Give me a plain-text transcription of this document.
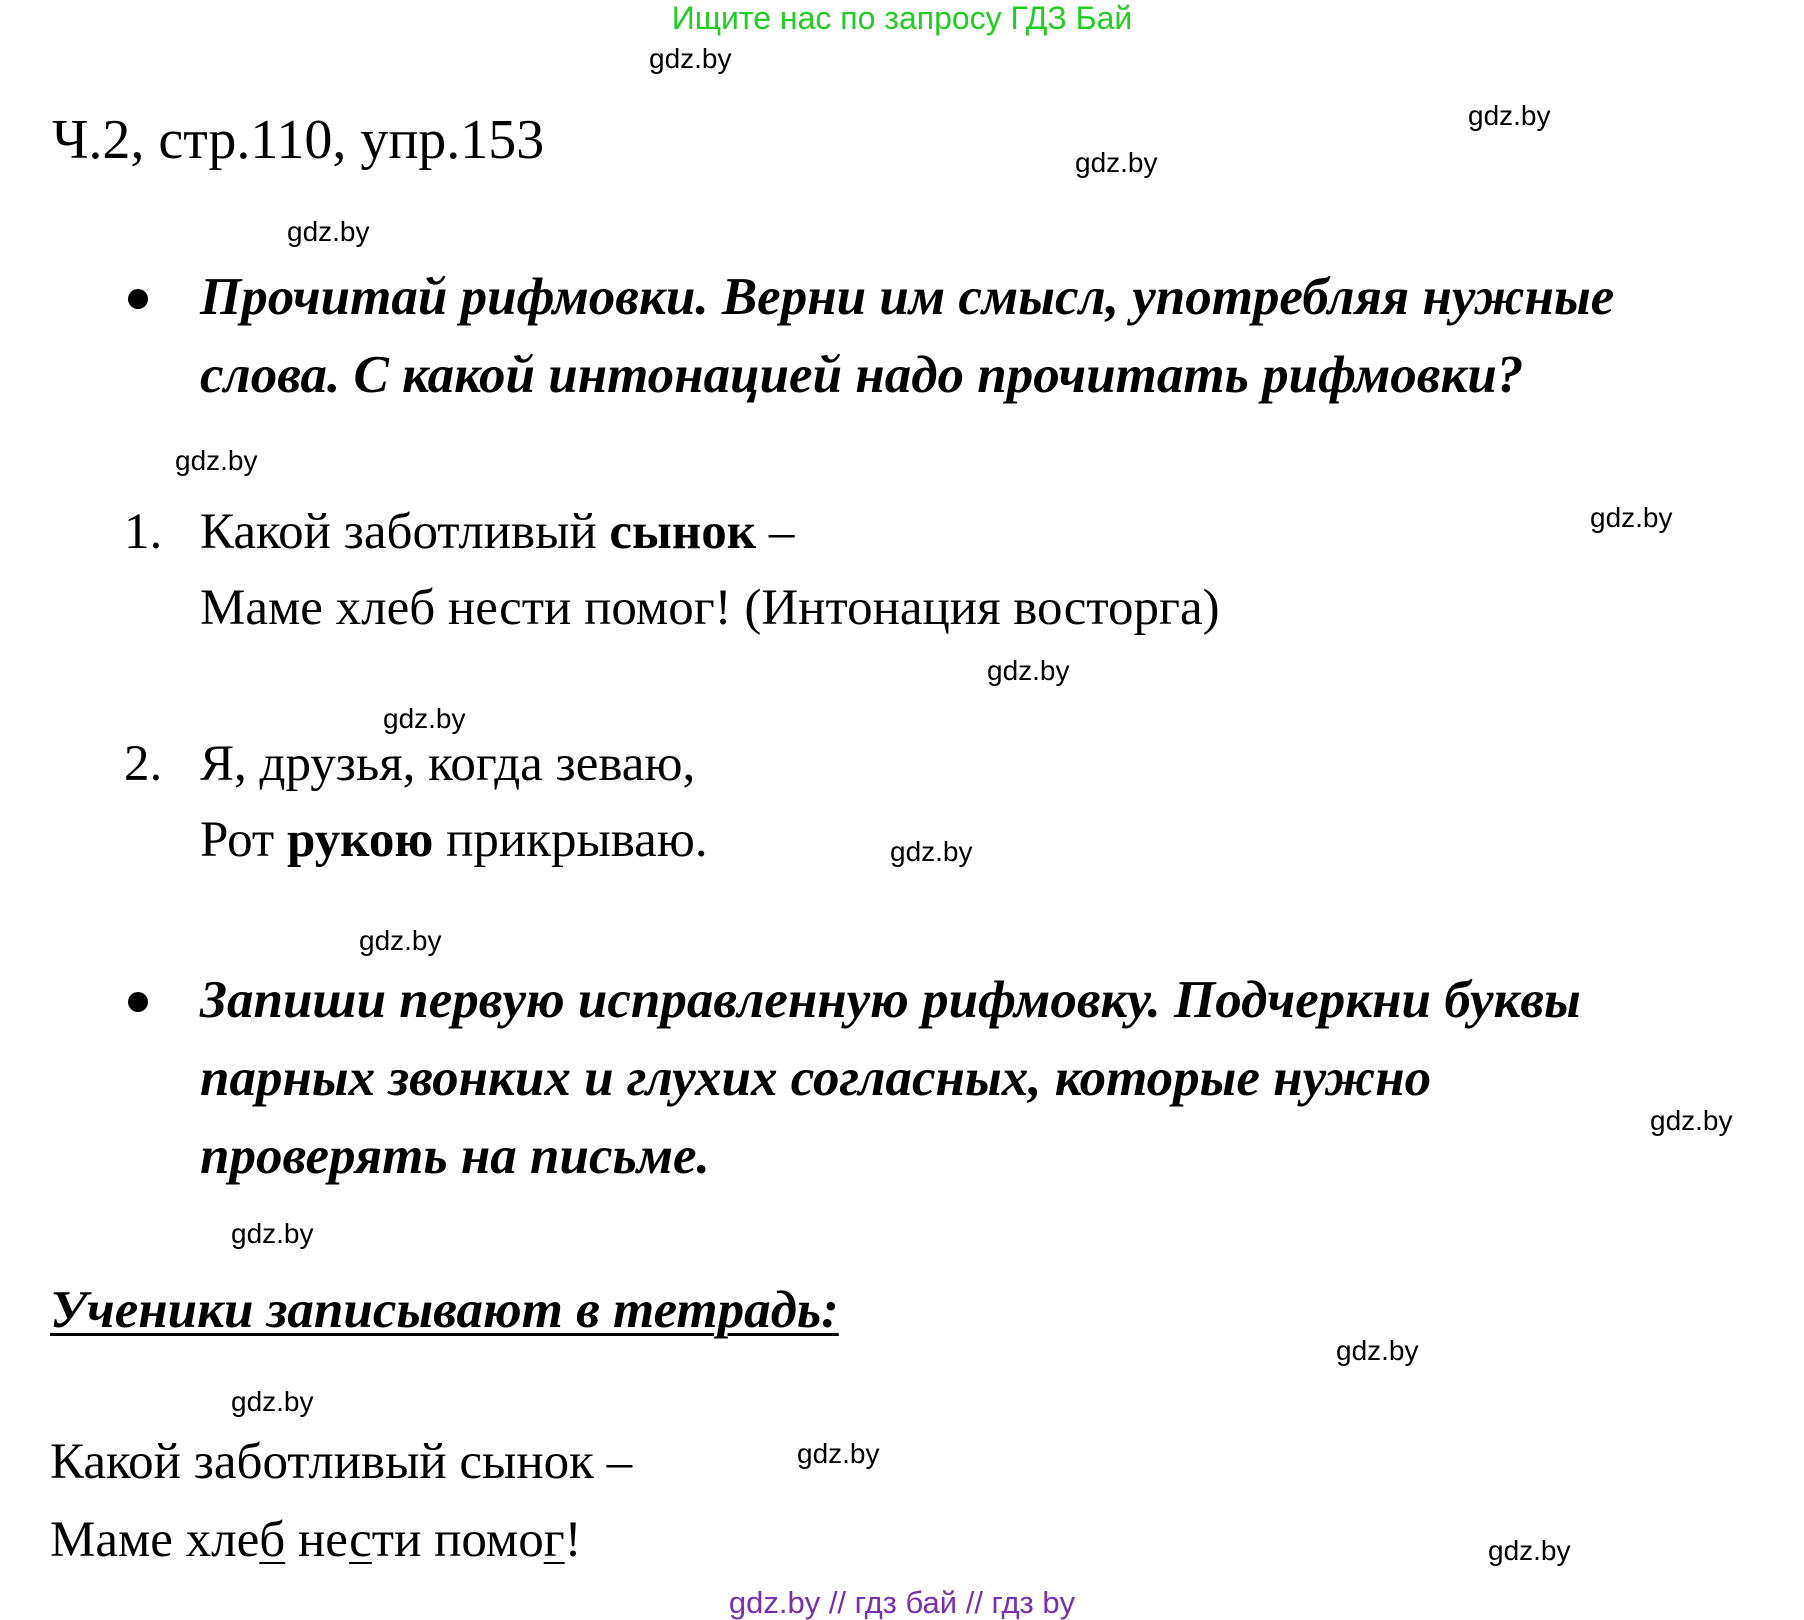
Ищите нас по запросу ГДЗ Бай
Ч.2, стр.110, упр.153
Прочитай рифмовки. Верни им смысл, употребляя нужные
слова. С какой интонацией надо прочитать рифмовки?
1. Какой заботливый сынок –
Маме хлеб нести помог! (Интонация восторга)
2. Я, друзья, когда зеваю,
Рот рукою прикрываю.
Запиши первую исправленную рифмовку. Подчеркни буквы
парных звонких и глухих согласных, которые нужно
проверять на письме.
Ученики записывают в тетрадь:
Какой заботливый сынок –
Маме хлеб нести помог!
gdz.by
gdz.by
gdz.by
gdz.by
gdz.by
gdz.by
gdz.by
gdz.by
gdz.by
gdz.by
gdz.by
gdz.by
gdz.by
gdz.by
gdz.by
gdz.by
gdz.by // гдз бай // гдз by
